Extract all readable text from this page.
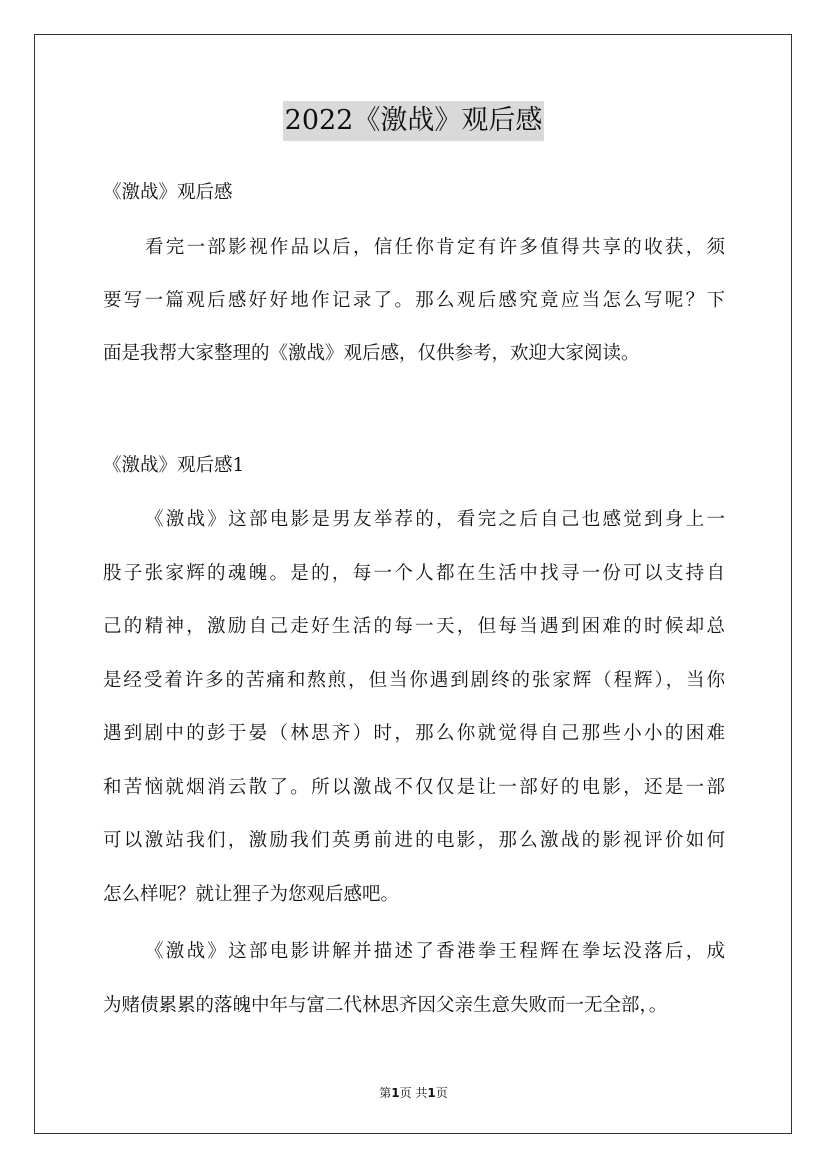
2022《激战》观后感
《激战》观后感
看完一部影视作品以后，信任你肯定有许多值得共享的收获，须
要写一篇观后感好好地作记录了。那么观后感究竟应当怎么写呢？下
面是我帮大家整理的《激战》观后感，仅供参考，欢迎大家阅读。
《激战》观后感1
《激战》这部电影是男友举荐的，看完之后自己也感觉到身上一
股子张家辉的魂魄。是的，每一个人都在生活中找寻一份可以支持自
己的精神，激励自己走好生活的每一天，但每当遇到困难的时候却总
是经受着许多的苦痛和熬煎，但当你遇到剧终的张家辉（程辉），当你
遇到剧中的彭于晏（林思齐）时，那么你就觉得自己那些小小的困难
和苦恼就烟消云散了。所以激战不仅仅是让一部好的电影，还是一部
可以激站我们，激励我们英勇前进的电影，那么激战的影视评价如何
怎么样呢？就让狸子为您观后感吧。
《激战》这部电影讲解并描述了香港拳王程辉在拳坛没落后，成
为赌债累累的落魄中年与富二代林思齐因父亲生意失败而一无全部，。
第1页 共1页
